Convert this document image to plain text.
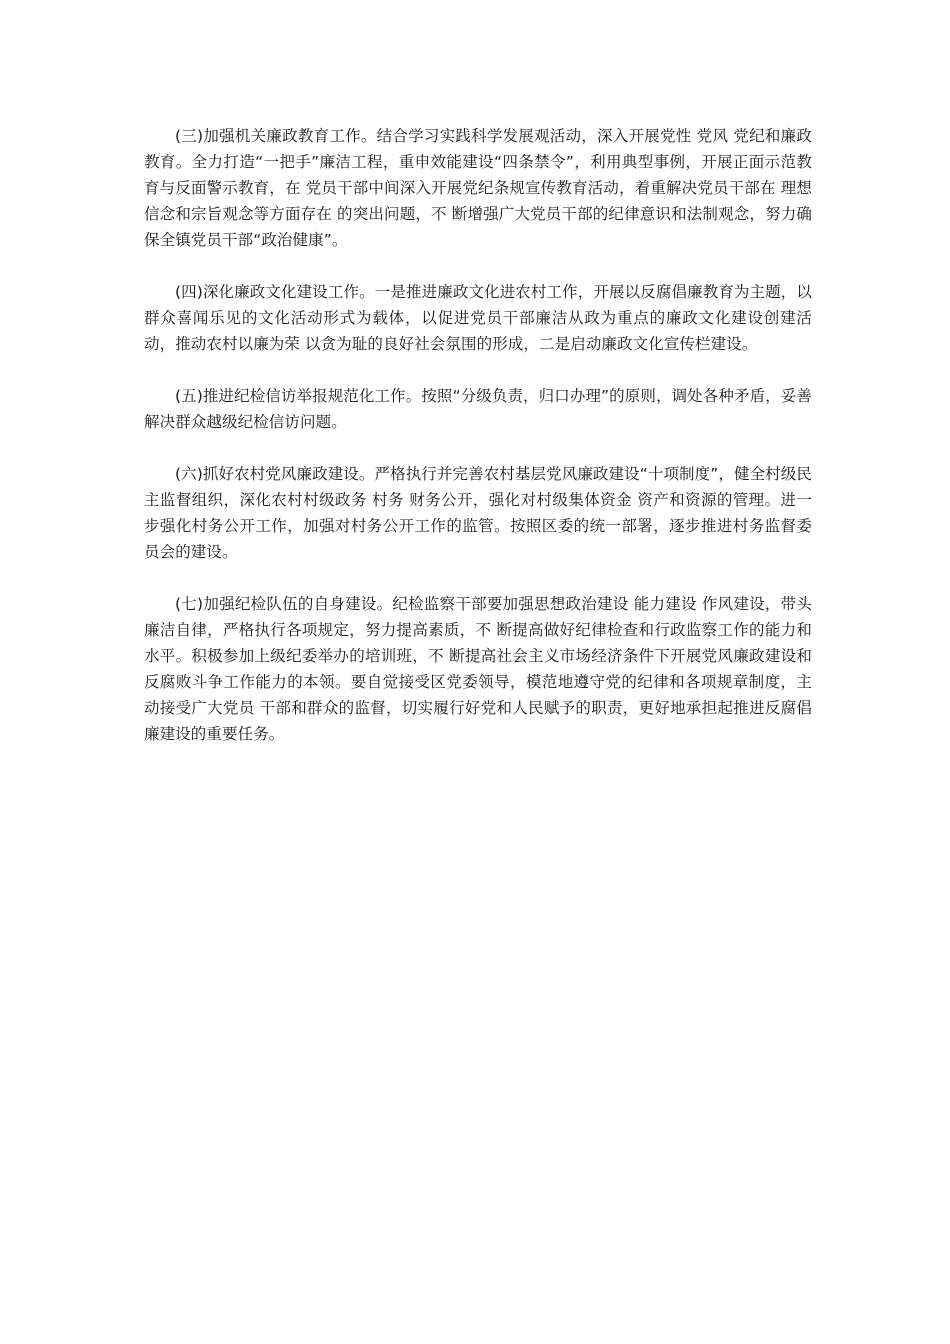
(三)加强机关廉政教育工作。结合学习实践科学发展观活动，深入开展党性 党风 党纪和廉政教育。全力打造“一把手”廉洁工程，重申效能建设“四条禁令”，利用典型事例，开展正面示范教育与反面警示教育，在 党员干部中间深入开展党纪条规宣传教育活动，着重解决党员干部在 理想信念和宗旨观念等方面存在 的突出问题，不 断增强广大党员干部的纪律意识和法制观念，努力确保全镇党员干部“政治健康”。

(四)深化廉政文化建设工作。一是推进廉政文化进农村工作，开展以反腐倡廉教育为主题，以群众喜闻乐见的文化活动形式为载体，以促进党员干部廉洁从政为重点的廉政文化建设创建活动，推动农村以廉为荣 以贪为耻的良好社会氛围的形成，二是启动廉政文化宣传栏建设。

(五)推进纪检信访举报规范化工作。按照“分级负责，归口办理”的原则，调处各种矛盾，妥善解决群众越级纪检信访问题。

(六)抓好农村党风廉政建设。严格执行并完善农村基层党风廉政建设“十项制度”，健全村级民主监督组织，深化农村村级政务 村务 财务公开，强化对村级集体资金 资产和资源的管理。进一步强化村务公开工作，加强对村务公开工作的监管。按照区委的统一部署，逐步推进村务监督委员会的建设。

(七)加强纪检队伍的自身建设。纪检监察干部要加强思想政治建设 能力建设 作风建设，带头廉洁自律，严格执行各项规定，努力提高素质，不 断提高做好纪律检查和行政监察工作的能力和水平。积极参加上级纪委举办的培训班，不 断提高社会主义市场经济条件下开展党风廉政建设和反腐败斗争工作能力的本领。要自觉接受区党委领导，模范地遵守党的纪律和各项规章制度，主动接受广大党员 干部和群众的监督，切实履行好党和人民赋予的职责，更好地承担起推进反腐倡廉建设的重要任务。
